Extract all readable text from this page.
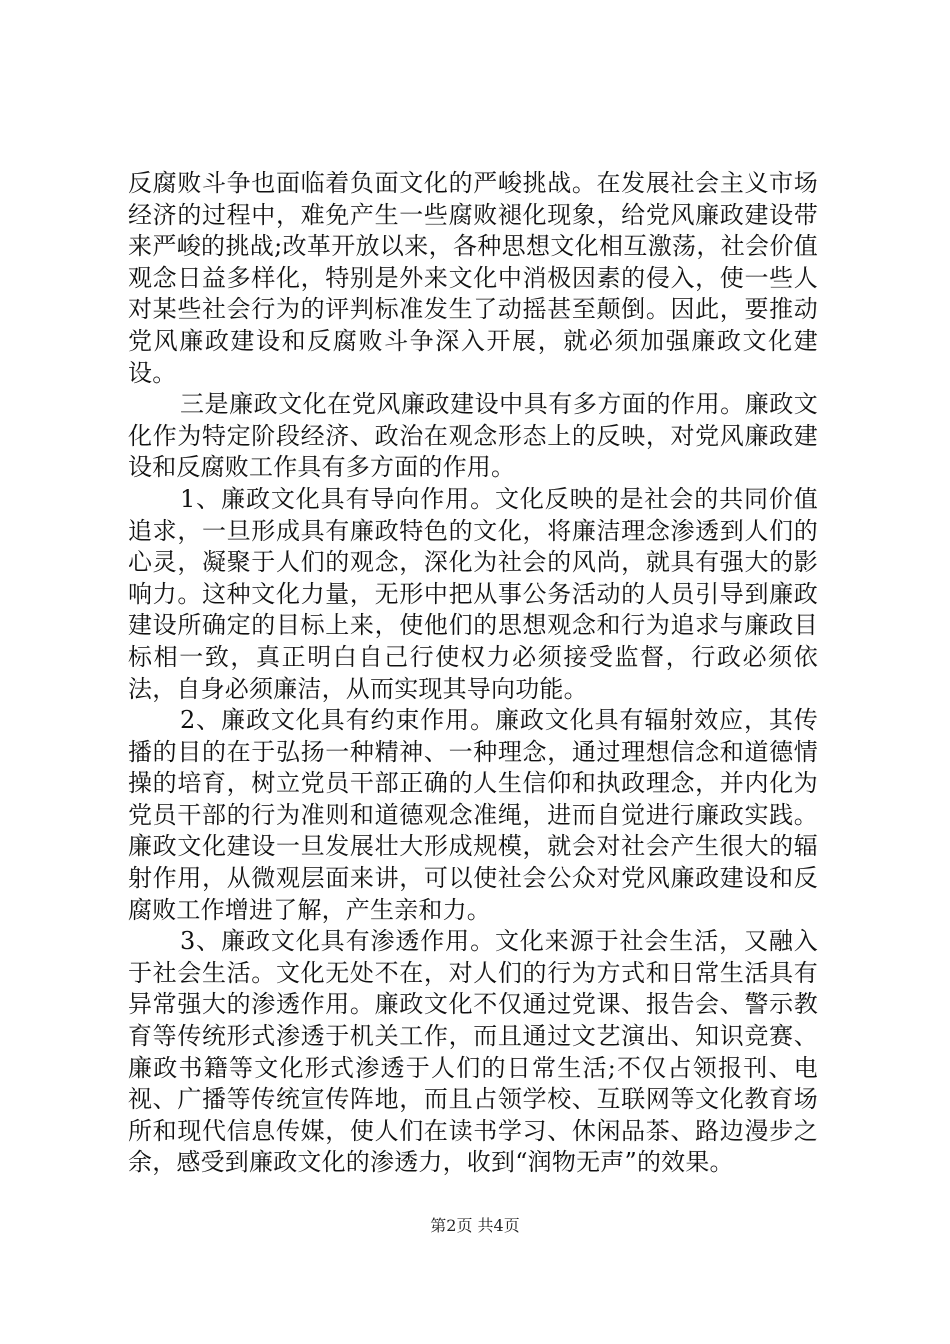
反腐败斗争也面临着负面文化的严峻挑战。在发展社会主义市场经济的过程中，难免产生一些腐败褪化现象，给党风廉政建设带来严峻的挑战;改革开放以来，各种思想文化相互激荡，社会价值观念日益多样化，特别是外来文化中消极因素的侵入，使一些人对某些社会行为的评判标准发生了动摇甚至颠倒。因此，要推动党风廉政建设和反腐败斗争深入开展，就必须加强廉政文化建设。

三是廉政文化在党风廉政建设中具有多方面的作用。廉政文化作为特定阶段经济、政治在观念形态上的反映，对党风廉政建设和反腐败工作具有多方面的作用。

1、廉政文化具有导向作用。文化反映的是社会的共同价值追求，一旦形成具有廉政特色的文化，将廉洁理念渗透到人们的心灵，凝聚于人们的观念，深化为社会的风尚，就具有强大的影响力。这种文化力量，无形中把从事公务活动的人员引导到廉政建设所确定的目标上来，使他们的思想观念和行为追求与廉政目标相一致，真正明白自己行使权力必须接受监督，行政必须依法，自身必须廉洁，从而实现其导向功能。

2、廉政文化具有约束作用。廉政文化具有辐射效应，其传播的目的在于弘扬一种精神、一种理念，通过理想信念和道德情操的培育，树立党员干部正确的人生信仰和执政理念，并内化为党员干部的行为准则和道德观念准绳，进而自觉进行廉政实践。廉政文化建设一旦发展壮大形成规模，就会对社会产生很大的辐射作用，从微观层面来讲，可以使社会公众对党风廉政建设和反腐败工作增进了解，产生亲和力。

3、廉政文化具有渗透作用。文化来源于社会生活，又融入于社会生活。文化无处不在，对人们的行为方式和日常生活具有异常强大的渗透作用。廉政文化不仅通过党课、报告会、警示教育等传统形式渗透于机关工作，而且通过文艺演出、知识竞赛、廉政书籍等文化形式渗透于人们的日常生活;不仅占领报刊、电视、广播等传统宣传阵地，而且占领学校、互联网等文化教育场所和现代信息传媒，使人们在读书学习、休闲品茶、路边漫步之余，感受到廉政文化的渗透力，收到“润物无声”的效果。

第2页 共4页
